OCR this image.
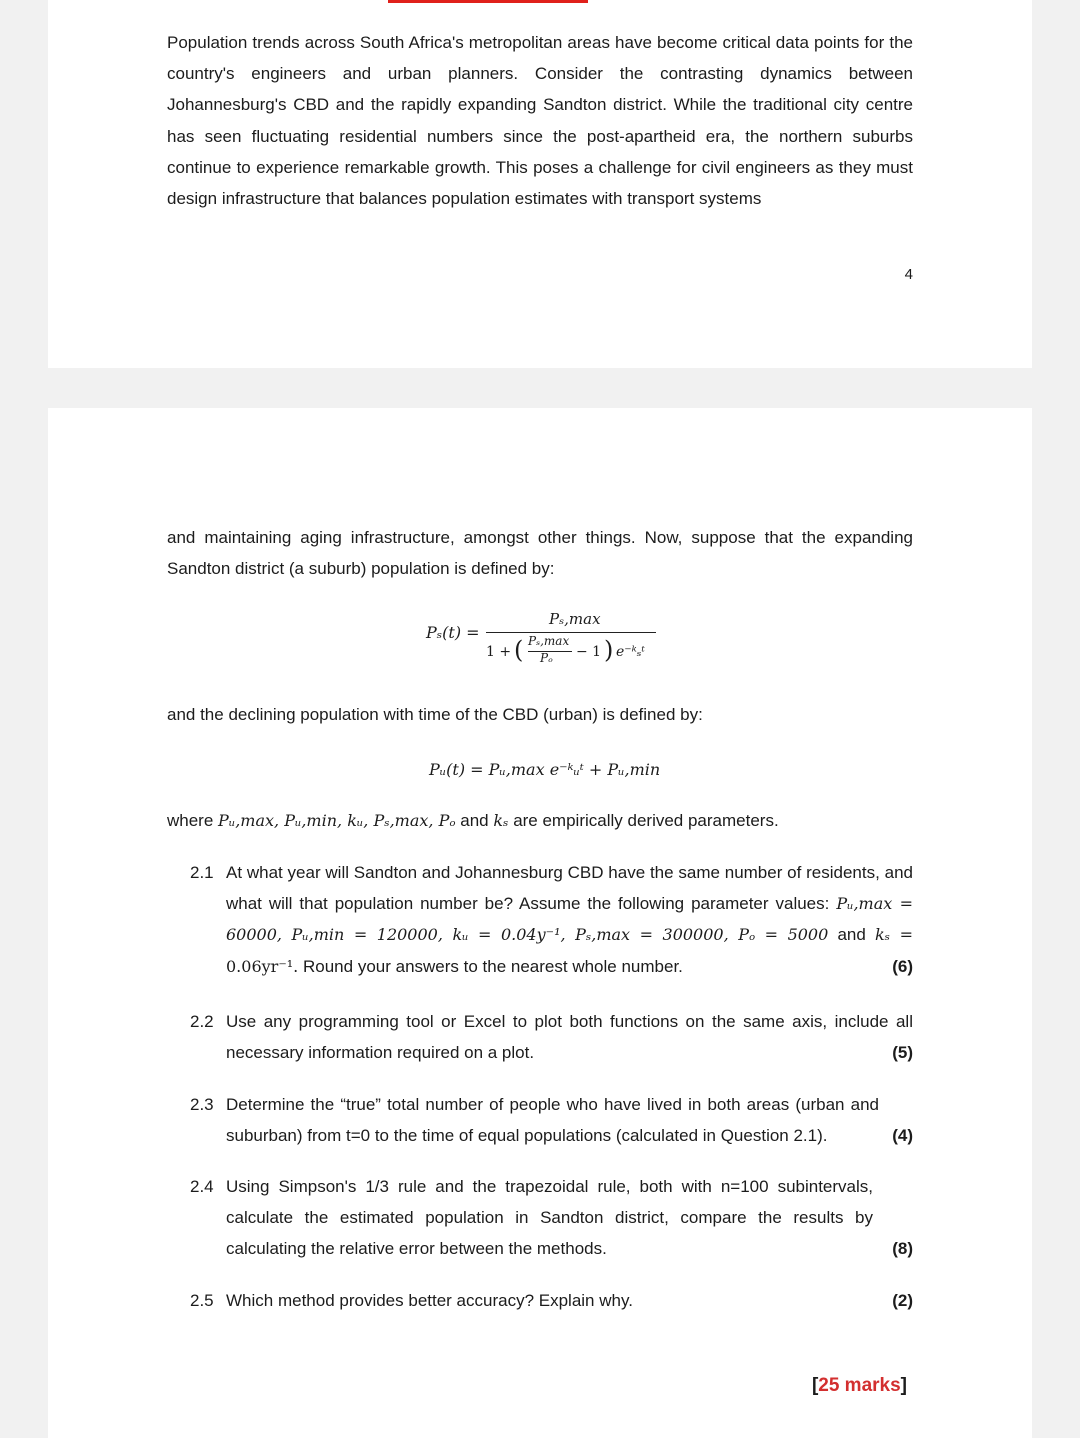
Population trends across South Africa's metropolitan areas have become critical data points for the country's engineers and urban planners. Consider the contrasting dynamics between Johannesburg's CBD and the rapidly expanding Sandton district. While the traditional city centre has seen fluctuating residential numbers since the post-apartheid era, the northern suburbs continue to experience remarkable growth. This poses a challenge for civil engineers as they must design infrastructure that balances population estimates with transport systems

4

and maintaining aging infrastructure, amongst other things. Now, suppose that the expanding Sandton district (a suburb) population is defined by:

Pₛ(t) =
Pₛ,max
1 + ( Pₛ,max
Pₒ − 1 ) e⁻ᵏₛᵗ

and the declining population with time of the CBD (urban) is defined by:

Pᵤ(t) = Pᵤ,max e⁻ᵏᵤᵗ + Pᵤ,min

where Pᵤ,max, Pᵤ,min, kᵤ, Pₛ,max, Pₒ and kₛ are empirically derived parameters.

2.1 At what year will Sandton and Johannesburg CBD have the same number of residents, and what will that population number be? Assume the following parameter values: Pᵤ,max = 60000, Pᵤ,min = 120000, kᵤ = 0.04y⁻¹, Pₛ,max = 300000, Pₒ = 5000 and kₛ = 0.06yr⁻¹. Round your answers to the nearest whole number.	(6)
2.2 Use any programming tool or Excel to plot both functions on the same axis, include all necessary information required on a plot.	(5)
2.3 Determine the “true” total number of people who have lived in both areas (urban and suburban) from t=0 to the time of equal populations (calculated in Question 2.1).	(4)
2.4 Using Simpson's 1/3 rule and the trapezoidal rule, both with n=100 subintervals, calculate the estimated population in Sandton district, compare the results by calculating the relative error between the methods.	(8)
2.5 Which method provides better accuracy? Explain why.	(2)
[25 marks]
